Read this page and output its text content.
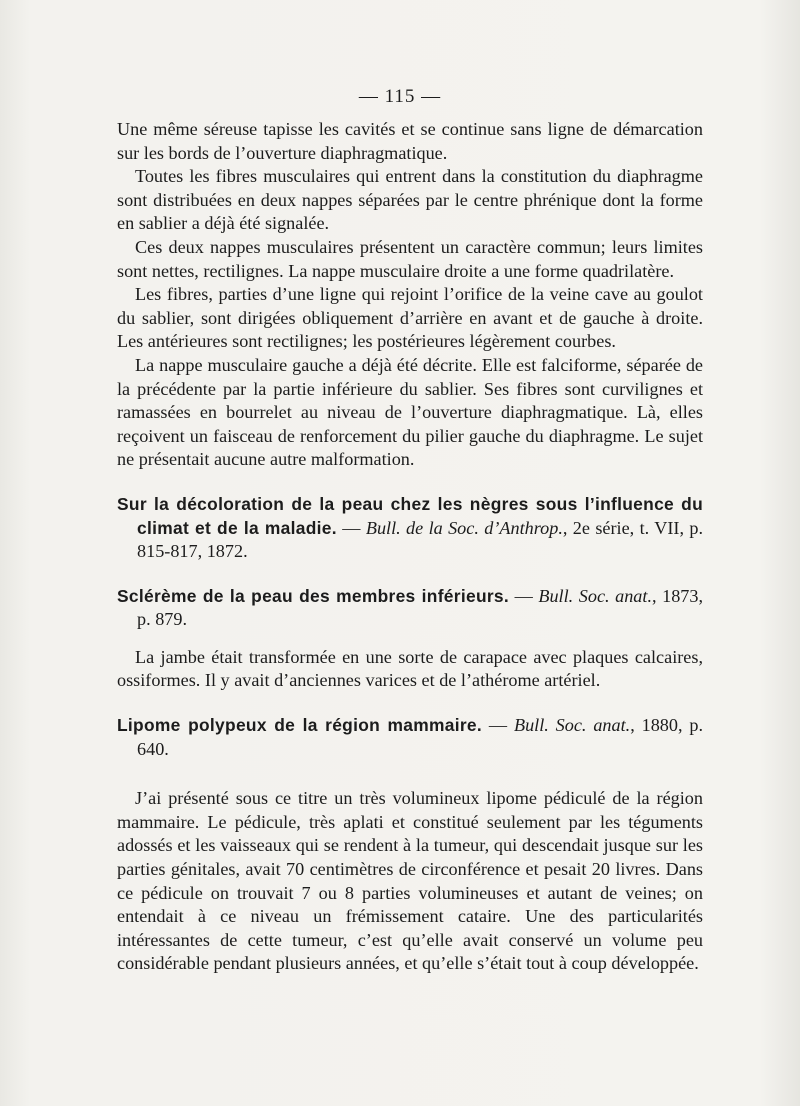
— 115 —

Une même séreuse tapisse les cavités et se continue sans ligne de démarcation sur les bords de l’ouverture diaphragmatique.

Toutes les fibres musculaires qui entrent dans la constitution du diaphragme sont distribuées en deux nappes séparées par le centre phrénique dont la forme en sablier a déjà été signalée.

Ces deux nappes musculaires présentent un caractère commun; leurs limites sont nettes, rectilignes. La nappe musculaire droite a une forme quadrilatère.

Les fibres, parties d’une ligne qui rejoint l’orifice de la veine cave au goulot du sablier, sont dirigées obliquement d’arrière en avant et de gauche à droite. Les antérieures sont rectilignes; les postérieures légèrement courbes.

La nappe musculaire gauche a déjà été décrite. Elle est falciforme, séparée de la précédente par la partie inférieure du sablier. Ses fibres sont curvilignes et ramassées en bourrelet au niveau de l’ouverture diaphragmatique. Là, elles reçoivent un faisceau de renforcement du pilier gauche du diaphragme. Le sujet ne présentait aucune autre malformation.

Sur la décoloration de la peau chez les nègres sous l’influence du climat et de la maladie. — Bull. de la Soc. d’Anthrop., 2e série, t. VII, p. 815-817, 1872.

Sclérème de la peau des membres inférieurs. — Bull. Soc. anat., 1873, p. 879.

La jambe était transformée en une sorte de carapace avec plaques calcaires, ossiformes. Il y avait d’anciennes varices et de l’athérome artériel.

Lipome polypeux de la région mammaire. — Bull. Soc. anat., 1880, p. 640.

J’ai présenté sous ce titre un très volumineux lipome pédiculé de la région mammaire. Le pédicule, très aplati et constitué seulement par les téguments adossés et les vaisseaux qui se rendent à la tumeur, qui descendait jusque sur les parties génitales, avait 70 centimètres de circonférence et pesait 20 livres. Dans ce pédicule on trouvait 7 ou 8 parties volumineuses et autant de veines; on entendait à ce niveau un frémissement cataire. Une des particularités intéressantes de cette tumeur, c’est qu’elle avait conservé un volume peu considérable pendant plusieurs années, et qu’elle s’était tout à coup développée.
